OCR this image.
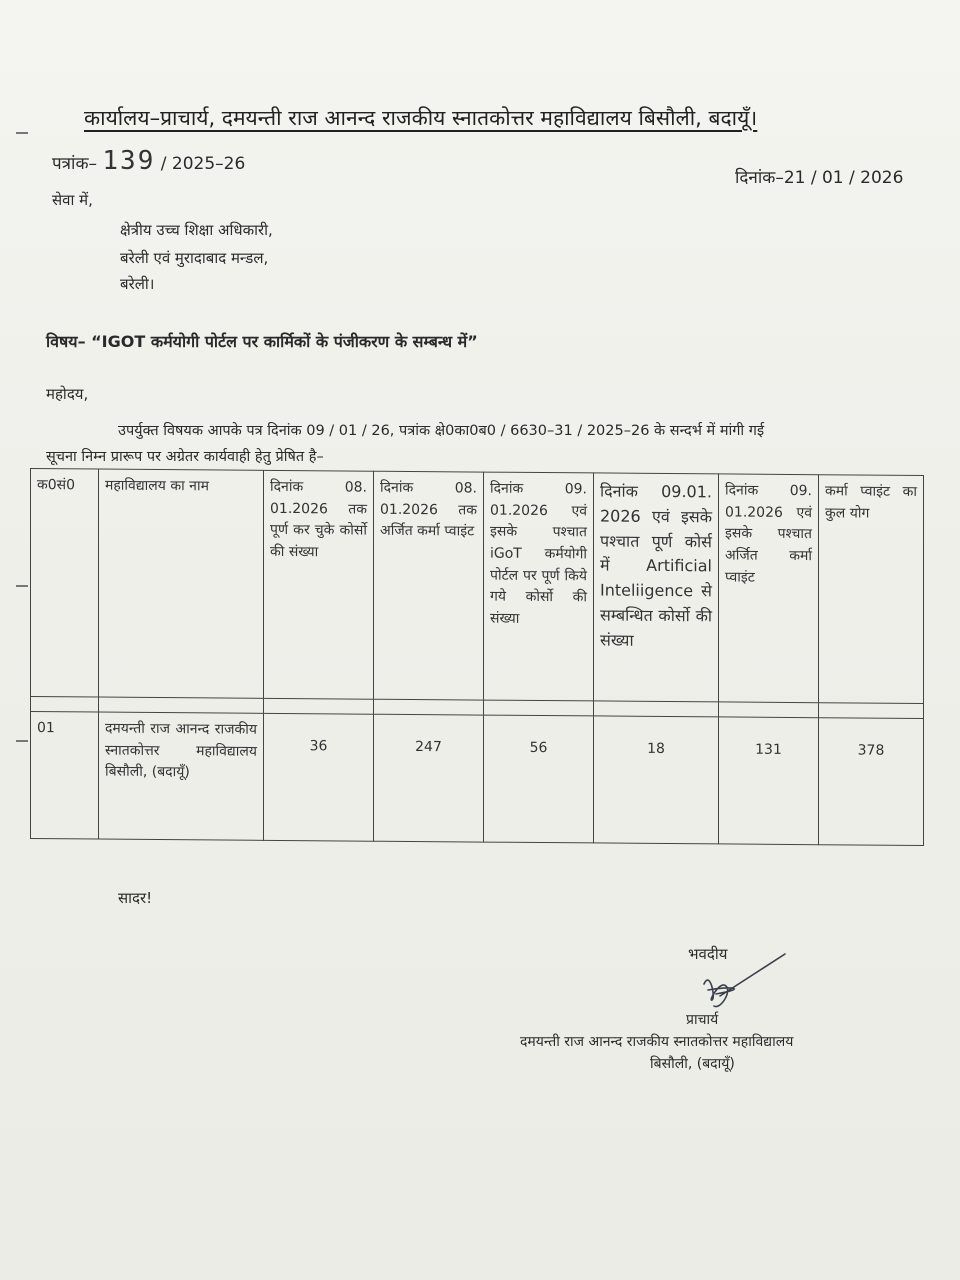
कार्यालय–प्राचार्य, दमयन्ती राज आनन्द राजकीय स्नातकोत्तर महाविद्यालय बिसौली, बदायूँ।
पत्रांक– 139 / 2025–26
दिनांक–21 / 01 / 2026
सेवा में,
क्षेत्रीय उच्च शिक्षा अधिकारी,
बरेली एवं मुरादाबाद मन्डल,
बरेली।
विषय– “IGOT कर्मयोगी पोर्टल पर कार्मिकों के पंजीकरण के सम्बन्ध में”
महोदय,
उपर्युक्त विषयक आपके पत्र दिनांक 09 / 01 / 26, पत्रांक क्षे0का0ब0 / 6630–31 / 2025–26 के सन्दर्भ में मांगी गई
सूचना निम्न प्रारूप पर अग्रेतर कार्यवाही हेतु प्रेषित है–
क0सं0	महाविद्यालय का नाम	दिनांक 08. 01.2026 तक पूर्ण कर चुके कोर्सो की संख्या	दिनांक 08. 01.2026 तक अर्जित कर्मा प्वाइंट	दिनांक 09. 01.2026 एवं इसके पश्चात iGoT कर्मयोगी पोर्टल पर पूर्ण किये गये कोर्सो की संख्या	दिनांक 09.01. 2026 एवं इसके पश्चात पूर्ण कोर्स में Artificial Inteliigence से सम्बन्धित कोर्सो की संख्या	दिनांक 09. 01.2026 एवं इसके पश्चात अर्जित कर्मा प्वाइंट	कर्मा प्वाइंट का कुल योग

01	दमयन्ती राज आनन्द राजकीय स्नातकोत्तर महाविद्यालय बिसौली, (बदायूँ)	36	247	56	18	131	378
सादर!
भवदीय
प्राचार्य
दमयन्ती राज आनन्द राजकीय स्नातकोत्तर महाविद्यालय
बिसौली, (बदायूँ)
